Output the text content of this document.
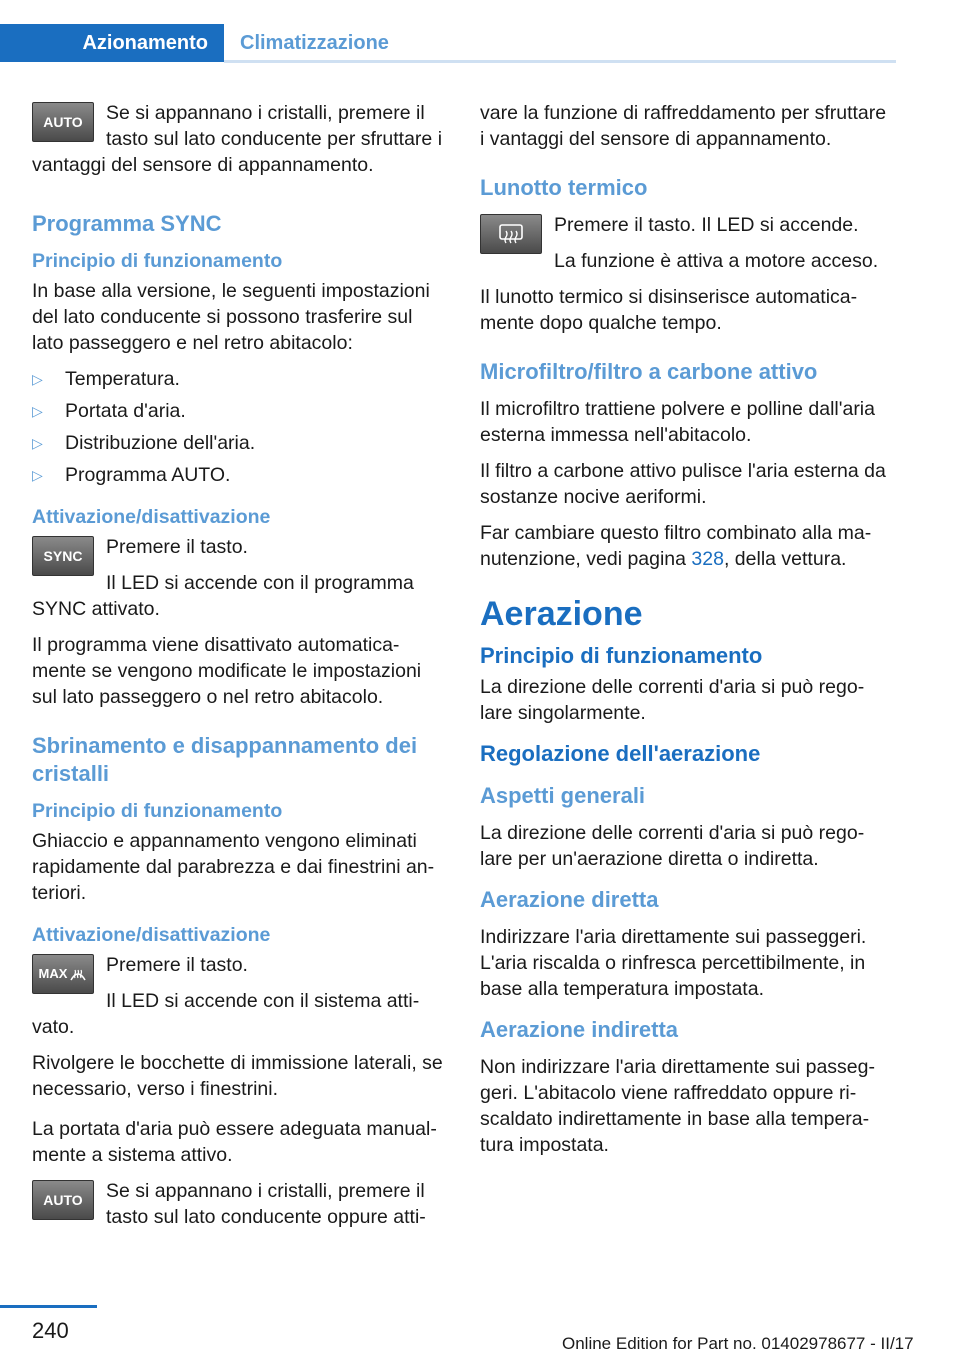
Azionamento	Climatizzazione
AUTO	Se si appannano i cristalli, premere il tasto sul lato conducente per sfruttare i vantaggi del sensore di appannamento.

Programma SYNC
Principio di funzionamento

In base alla versione, le seguenti impostazioni del lato conducente si possono trasferire sul lato passeggero e nel retro abitacolo:

▷	Temperatura.
▷	Portata d'aria.
▷	Distribuzione dell'aria.
▷	Programma AUTO.
Attivazione/disattivazione
SYNC	Premere il tasto.

Il LED si accende con il programma SYNC attivato.

Il programma viene disattivato automatica‐mente se vengono modificate le impostazioni sul lato passeggero o nel retro abitacolo.

Sbrinamento e disappannamento dei cristalli
Principio di funzionamento

Ghiaccio e appannamento vengono eliminati rapidamente dal parabrezza e dai finestrini an‐teriori.

Attivazione/disattivazione
MAX	Premere il tasto.

Il LED si accende con il sistema atti‐vato.

Rivolgere le bocchette di immissione laterali, se necessario, verso i finestrini.

La portata d'aria può essere adeguata manual‐mente a sistema attivo.

AUTO	Se si appannano i cristalli, premere il tasto sul lato conducente oppure atti‐

vare la funzione di raffreddamento per sfruttare i vantaggi del sensore di appannamento.

Lunotto termico

Premere il tasto. Il LED si accende.

La funzione è attiva a motore acceso.

Il lunotto termico si disinserisce automatica‐mente dopo qualche tempo.

Microfiltro/filtro a carbone attivo

Il microfiltro trattiene polvere e polline dall'aria esterna immessa nell'abitacolo.

Il filtro a carbone attivo pulisce l'aria esterna da sostanze nocive aeriformi.

Far cambiare questo filtro combinato alla ma‐nutenzione, vedi pagina 328, della vettura.

Aerazione
Principio di funzionamento

La direzione delle correnti d'aria si può rego‐lare singolarmente.

Regolazione dell'aerazione
Aspetti generali

La direzione delle correnti d'aria si può rego‐lare per un'aerazione diretta o indiretta.

Aerazione diretta

Indirizzare l'aria direttamente sui passeggeri. L'aria riscalda o rinfresca percettibilmente, in base alla temperatura impostata.

Aerazione indiretta

Non indirizzare l'aria direttamente sui passeg‐geri. L'abitacolo viene raffreddato oppure ri‐scaldato indirettamente in base alla tempera‐tura impostata.

240
Online Edition for Part no. 01402978677 - II/17
